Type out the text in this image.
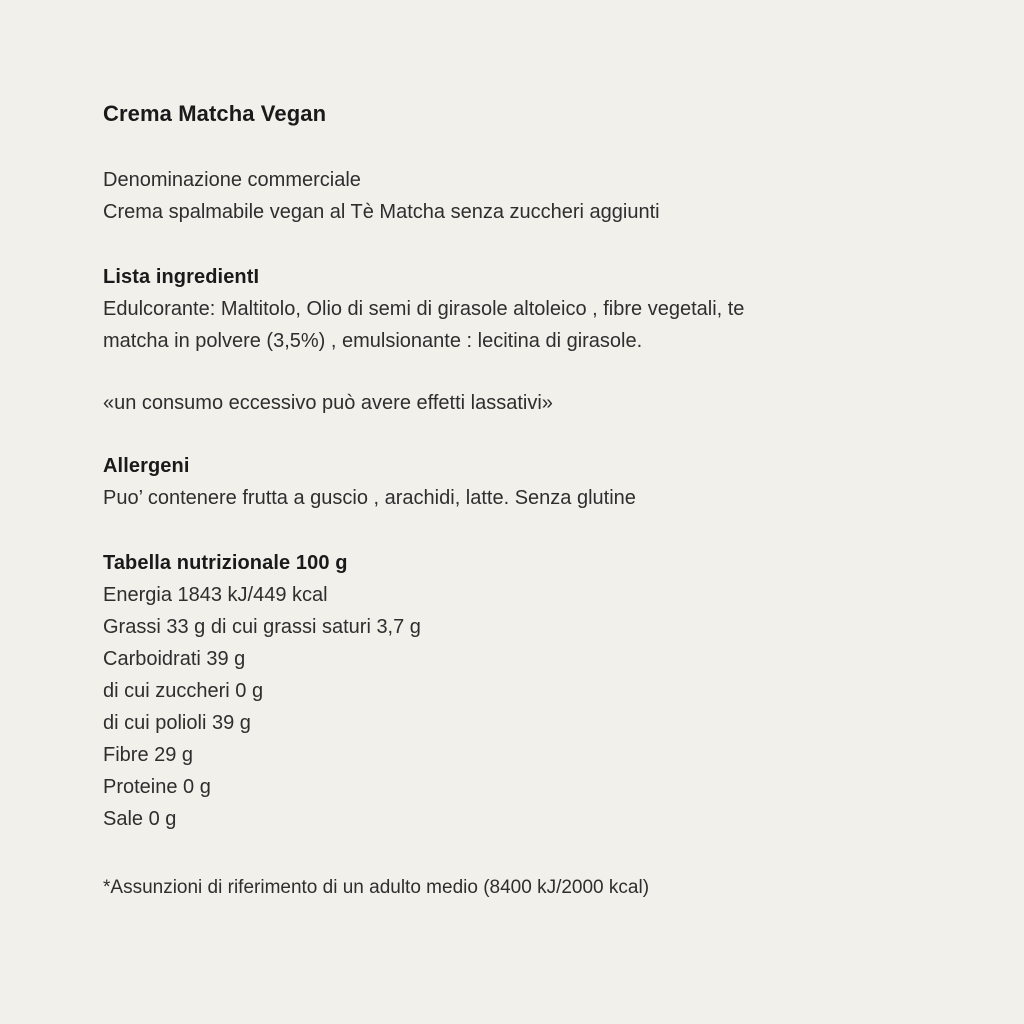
Crema Matcha Vegan

Denominazione commerciale

Crema spalmabile vegan al Tè Matcha senza zuccheri aggiunti

Lista ingredientI

Edulcorante: Maltitolo, Olio di semi di girasole altoleico , fibre vegetali, te

matcha in polvere (3,5%) , emulsionante : lecitina di girasole.

«un consumo eccessivo può avere effetti lassativi»

Allergeni

Puo’ contenere frutta a guscio , arachidi, latte. Senza glutine

Tabella nutrizionale 100 g

Energia 1843 kJ/449 kcal
Grassi 33 g di cui grassi saturi 3,7 g
Carboidrati 39 g
di cui zuccheri 0 g
di cui polioli 39 g
Fibre 29 g
Proteine 0 g
Sale 0 g

*Assunzioni di riferimento di un adulto medio (8400 kJ/2000 kcal)
